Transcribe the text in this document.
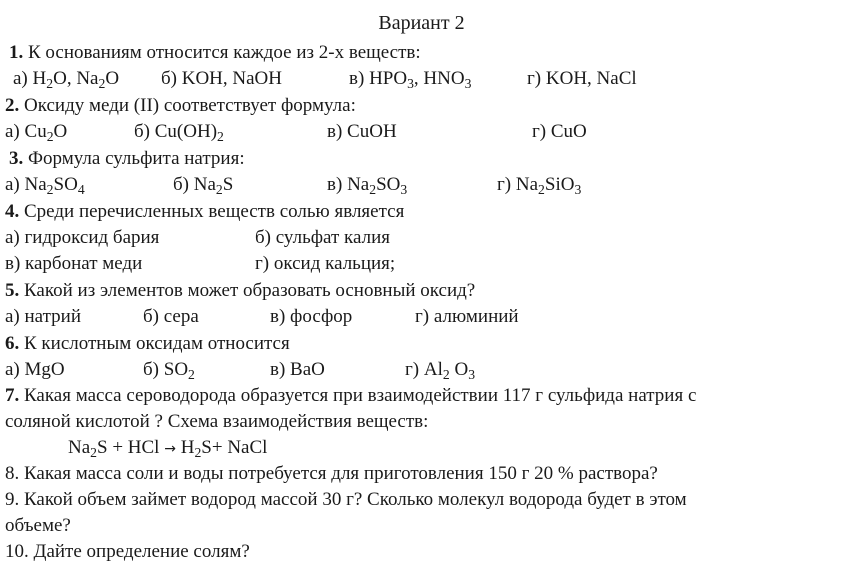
Вариант 2
1. К основаниям относится каждое из 2-х веществ:
а) $H_2O$, $Na_2O$ б) KOH, NaOH	в) $HPO_3$, $HNO_3$	г) KOH, NaCl
2. Оксиду меди (II) соответствует формула:
а) $Cu_2O$	б) $Cu(OH)_2$	в) CuOH	г) CuO
3. Формула сульфита натрия:
а) $Na_2SO_4$	б) $Na_2S$	в) $Na_2SO_3$	г) $Na_2SiO_3$
4. Среди перечисленных веществ солью является
а) гидроксид бария	б) сульфат калия
в) карбонат меди	г) оксид кальция;
5. Какой из элементов может образовать основный оксид?
а) натрий	б) сера	в) фосфор	г) алюминий
6. К кислотным оксидам относится
а) MgO	б) $SO_2$	в) BaO	г) $Al_2$ $O_3$
7. Какая масса сероводорода образуется при взаимодействии 117 г сульфида натрия с
соляной кислотой ? Схема взаимодействия веществ:
$Na_2S$ + HCl → $H_2S+$ NaCl
8. Какая масса соли и воды потребуется для приготовления 150 г 20 % раствора?
9. Какой объем займет водород массой 30 г? Сколько молекул водорода будет в этом
объеме?
10. Дайте определение солям?
